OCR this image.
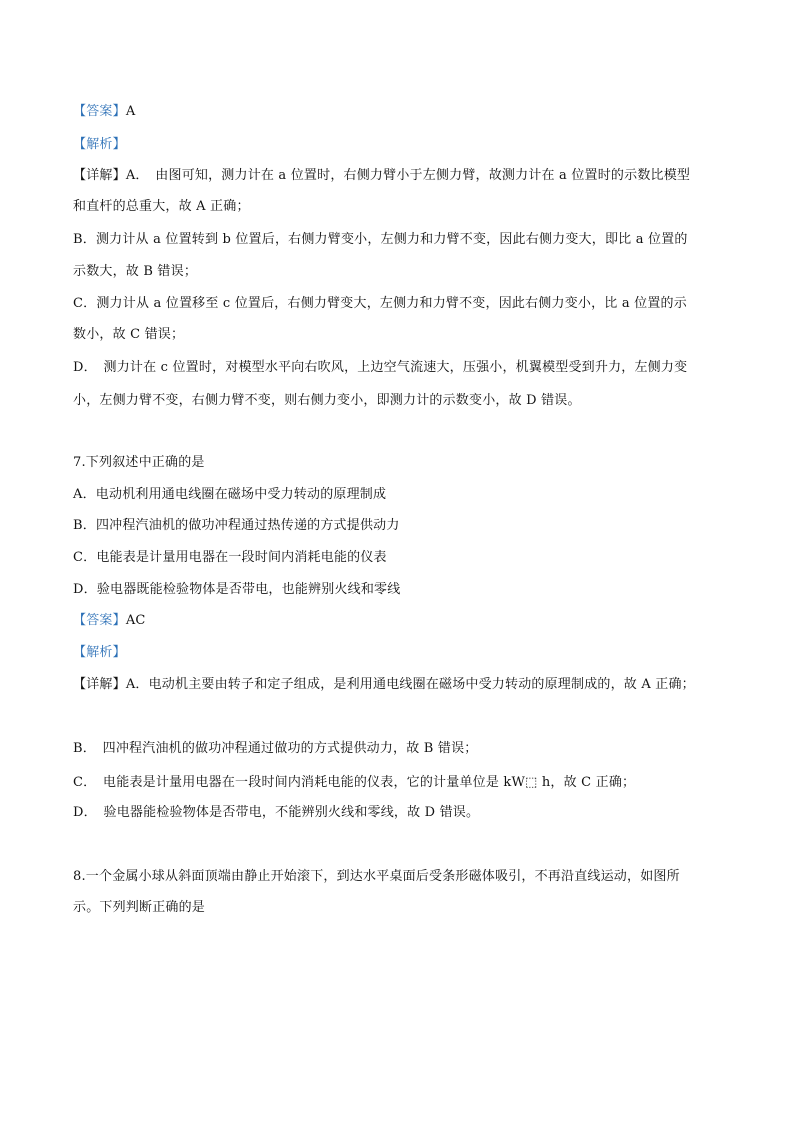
【答案】A
【解析】
【详解】A．　由图可知，测力计在 a 位置时，右侧力臂小于左侧力臂，故测力计在 a 位置时的示数比模型
和直杆的总重大，故 A 正确；
B．测力计从 a 位置转到 b 位置后，右侧力臂变小，左侧力和力臂不变，因此右侧力变大，即比 a 位置的
示数大，故 B 错误；
C．测力计从 a 位置移至 c 位置后，右侧力臂变大，左侧力和力臂不变，因此右侧力变小，比 a 位置的示
数小，故 C 错误；
D．　测力计在 c 位置时，对模型水平向右吹风，上边空气流速大，压强小，机翼模型受到升力，左侧力变
小，左侧力臂不变，右侧力臂不变，则右侧力变小，即测力计的示数变小，故 D 错误。
7.下列叙述中正确的是
A．电动机利用通电线圈在磁场中受力转动的原理制成
B．四冲程汽油机的做功冲程通过热传递的方式提供动力
C．电能表是计量用电器在一段时间内消耗电能的仪表
D．验电器既能检验物体是否带电，也能辨别火线和零线
【答案】AC
【解析】
【详解】A．电动机主要由转子和定子组成，是利用通电线圈在磁场中受力转动的原理制成的，故 A 正确；
B．　四冲程汽油机的做功冲程通过做功的方式提供动力，故 B 错误；
C．　电能表是计量用电器在一段时间内消耗电能的仪表，它的计量单位是 kW⬚ h，故 C 正确；
D．　验电器能检验物体是否带电，不能辨别火线和零线，故 D 错误。
8.一个金属小球从斜面顶端由静止开始滚下，到达水平桌面后受条形磁体吸引，不再沿直线运动，如图所
示。下列判断正确的是
